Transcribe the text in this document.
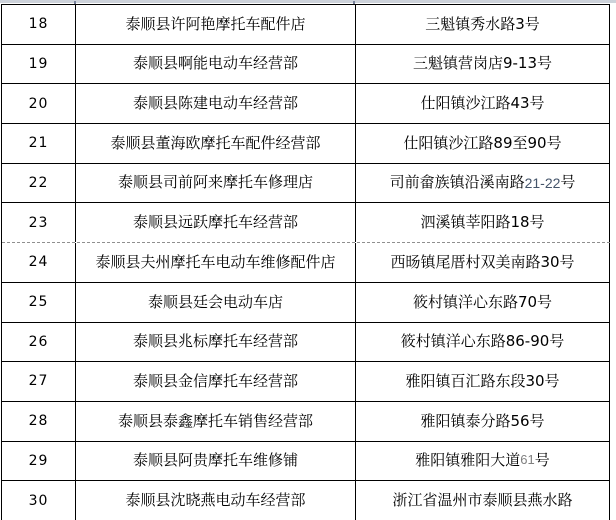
18	泰顺县许阿艳摩托车配件店	三魁镇秀水路3号
19	泰顺县啊能电动车经营部	三魁镇营岗店9-13号
20	泰顺县陈建电动车经营部	仕阳镇沙江路43号
21	泰顺县董海欧摩托车配件经营部	仕阳镇沙江路89至90号
22	泰顺县司前阿来摩托车修理店	司前畲族镇沿溪南路 21-22 号
23	泰顺县远跃摩托车经营部	泗溪镇莘阳路18号
24	泰顺县夫州摩托车电动车维修配件店	西旸镇尾厝村双美南路30号
25	泰顺县廷会电动车店	筱村镇洋心东路70号
26	泰顺县兆标摩托车经营部	筱村镇洋心东路86-90号
27	泰顺县金信摩托车经营部	雅阳镇百汇路东段30号
28	泰顺县泰鑫摩托车销售经营部	雅阳镇泰分路56号
29	泰顺县阿贵摩托车维修铺	雅阳镇雅阳大道 61 号
30	泰顺县沈晓燕电动车经营部	浙江省温州市泰顺县燕水路
